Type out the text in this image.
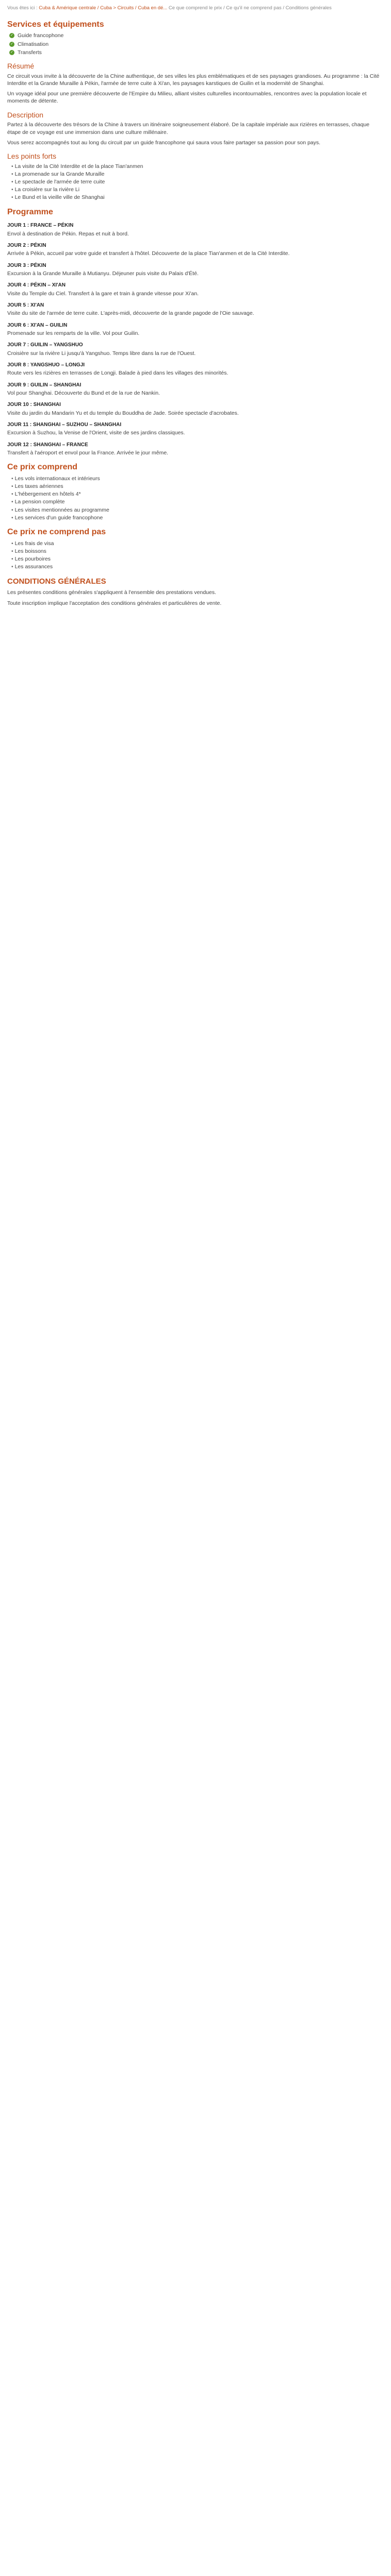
Vous êtes ici : Cuba & Amérique centrale / Cuba > Circuits / Cuba en dé... Ce que comprend le prix / Ce qu'il ne comprend pas / Conditions générales
Services et équipements
✓ Guide francophone
✓ Climatisation
✓ Transferts
Résumé

Ce circuit vous invite à la découverte de la Chine authentique, de ses villes les plus emblématiques et de ses paysages grandioses. Au programme : la Cité Interdite et la Grande Muraille à Pékin, l'armée de terre cuite à Xi'an, les paysages karstiques de Guilin et la modernité de Shanghai.

Un voyage idéal pour une première découverte de l'Empire du Milieu, alliant visites culturelles incontournables, rencontres avec la population locale et moments de détente.

Description

Partez à la découverte des trésors de la Chine à travers un itinéraire soigneusement élaboré. De la capitale impériale aux rizières en terrasses, chaque étape de ce voyage est une immersion dans une culture millénaire.

Vous serez accompagnés tout au long du circuit par un guide francophone qui saura vous faire partager sa passion pour son pays.

Les points forts
• La visite de la Cité Interdite et de la place Tian'anmen
• La promenade sur la Grande Muraille
• Le spectacle de l'armée de terre cuite
• La croisière sur la rivière Li
• Le Bund et la vieille ville de Shanghai
Programme
JOUR 1 : FRANCE – PÉKIN

Envol à destination de Pékin. Repas et nuit à bord.

JOUR 2 : PÉKIN

Arrivée à Pékin, accueil par votre guide et transfert à l'hôtel. Découverte de la place Tian'anmen et de la Cité Interdite.

JOUR 3 : PÉKIN

Excursion à la Grande Muraille à Mutianyu. Déjeuner puis visite du Palais d'Été.

JOUR 4 : PÉKIN – XI'AN

Visite du Temple du Ciel. Transfert à la gare et train à grande vitesse pour Xi'an.

JOUR 5 : XI'AN

Visite du site de l'armée de terre cuite. L'après-midi, découverte de la grande pagode de l'Oie sauvage.

JOUR 6 : XI'AN – GUILIN

Promenade sur les remparts de la ville. Vol pour Guilin.

JOUR 7 : GUILIN – YANGSHUO

Croisière sur la rivière Li jusqu'à Yangshuo. Temps libre dans la rue de l'Ouest.

JOUR 8 : YANGSHUO – LONGJI

Route vers les rizières en terrasses de Longji. Balade à pied dans les villages des minorités.

JOUR 9 : GUILIN – SHANGHAI

Vol pour Shanghai. Découverte du Bund et de la rue de Nankin.

JOUR 10 : SHANGHAI

Visite du jardin du Mandarin Yu et du temple du Bouddha de Jade. Soirée spectacle d'acrobates.

JOUR 11 : SHANGHAI – SUZHOU – SHANGHAI

Excursion à Suzhou, la Venise de l'Orient, visite de ses jardins classiques.

JOUR 12 : SHANGHAI – FRANCE

Transfert à l'aéroport et envol pour la France. Arrivée le jour même.

Ce prix comprend
• Les vols internationaux et intérieurs
• Les taxes aériennes
• L'hébergement en hôtels 4*
• La pension complète
• Les visites mentionnées au programme
• Les services d'un guide francophone
Ce prix ne comprend pas
• Les frais de visa
• Les boissons
• Les pourboires
• Les assurances
CONDITIONS GÉNÉRALES

Les présentes conditions générales s'appliquent à l'ensemble des prestations vendues.

Toute inscription implique l'acceptation des conditions générales et particulières de vente.
